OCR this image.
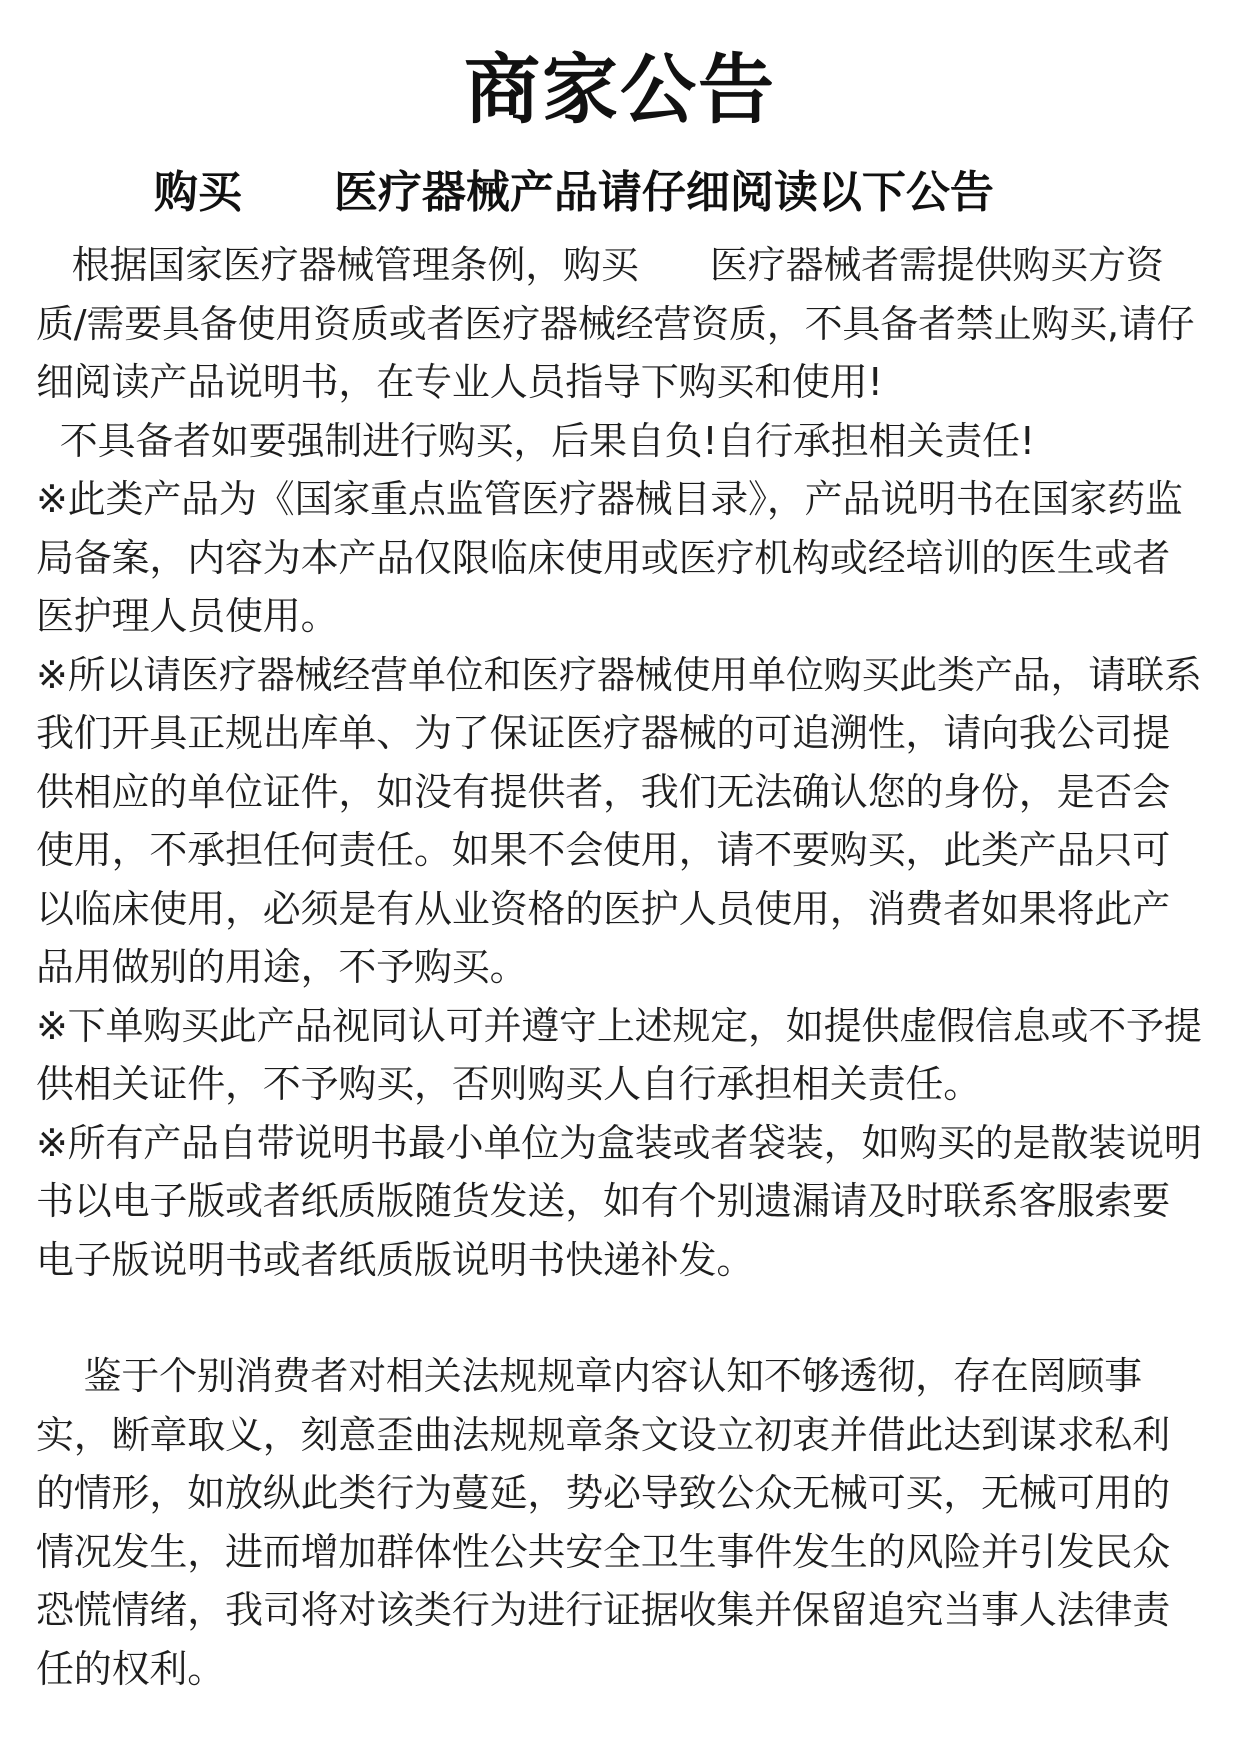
商家公告
购买      医疗器械产品请仔细阅读以下公告

根据国家医疗器械管理条例，购买      医疗器械者需提供购买方资质/需要具备使用资质或者医疗器械经营资质，不具备者禁止购买,请仔细阅读产品说明书，在专业人员指导下购买和使用!

不具备者如要强制进行购买，后果自负!自行承担相关责任!

※此类产品为《国家重点监管医疗器械目录》，产品说明书在国家药监局备案，内容为本产品仅限临床使用或医疗机构或经培训的医生或者医护理人员使用。

※所以请医疗器械经营单位和医疗器械使用单位购买此类产品，请联系我们开具正规出库单、为了保证医疗器械的可追溯性，请向我公司提供相应的单位证件，如没有提供者，我们无法确认您的身份，是否会使用，不承担任何责任。如果不会使用，请不要购买，此类产品只可以临床使用，必须是有从业资格的医护人员使用，消费者如果将此产品用做别的用途，不予购买。

※下单购买此产品视同认可并遵守上述规定，如提供虚假信息或不予提供相关证件，不予购买，否则购买人自行承担相关责任。

※所有产品自带说明书最小单位为盒装或者袋装，如购买的是散装说明书以电子版或者纸质版随货发送，如有个别遗漏请及时联系客服索要电子版说明书或者纸质版说明书快递补发。

鉴于个别消费者对相关法规规章内容认知不够透彻，存在罔顾事实，断章取义，刻意歪曲法规规章条文设立初衷并借此达到谋求私利的情形，如放纵此类行为蔓延，势必导致公众无械可买，无械可用的情况发生，进而增加群体性公共安全卫生事件发生的风险并引发民众恐慌情绪，我司将对该类行为进行证据收集并保留追究当事人法律责任的权利。
